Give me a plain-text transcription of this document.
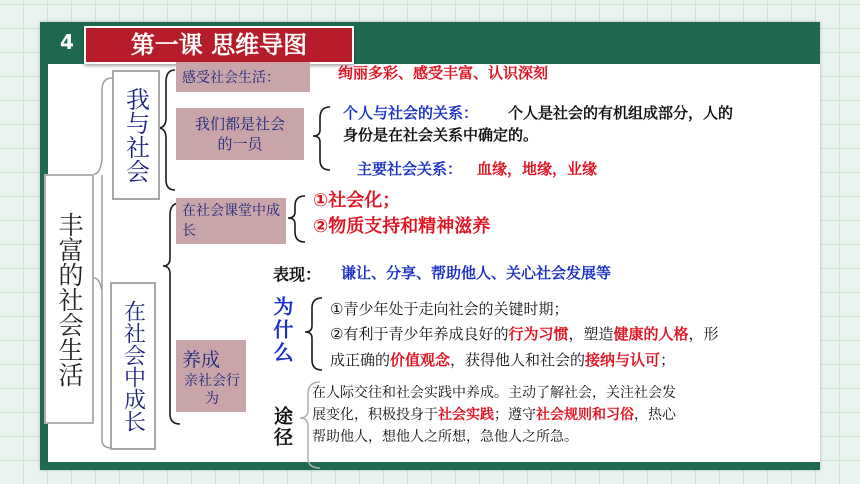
4	第一课 思维导图
丰富的社会生活
我与社会
在社会中成长
感受社会生活：	绚丽多彩、感受丰富、认识深刻
我们都是社会的一员
个人与社会的关系： 个人是社会的有机组成部分，人的
身份是在社会关系中确定的。
主要社会关系： 血缘，地缘，业缘
在社会课堂中成长
①社会化；
②物质支持和精神滋养
养成
亲社会行为
表现： 谦让、分享、帮助他人、关心社会发展等
为什么 ①青少年处于走向社会的关键时期；
②有利于青少年养成良好的行为习惯，塑造健康的人格，形
成正确的价值观念，获得他人和社会的接纳与认可；
途径
在人际交往和社会实践中养成。主动了解社会，关注社会发
展变化，积极投身于社会实践；遵守社会规则和习俗，热心
帮助他人，想他人之所想，急他人之所急。
